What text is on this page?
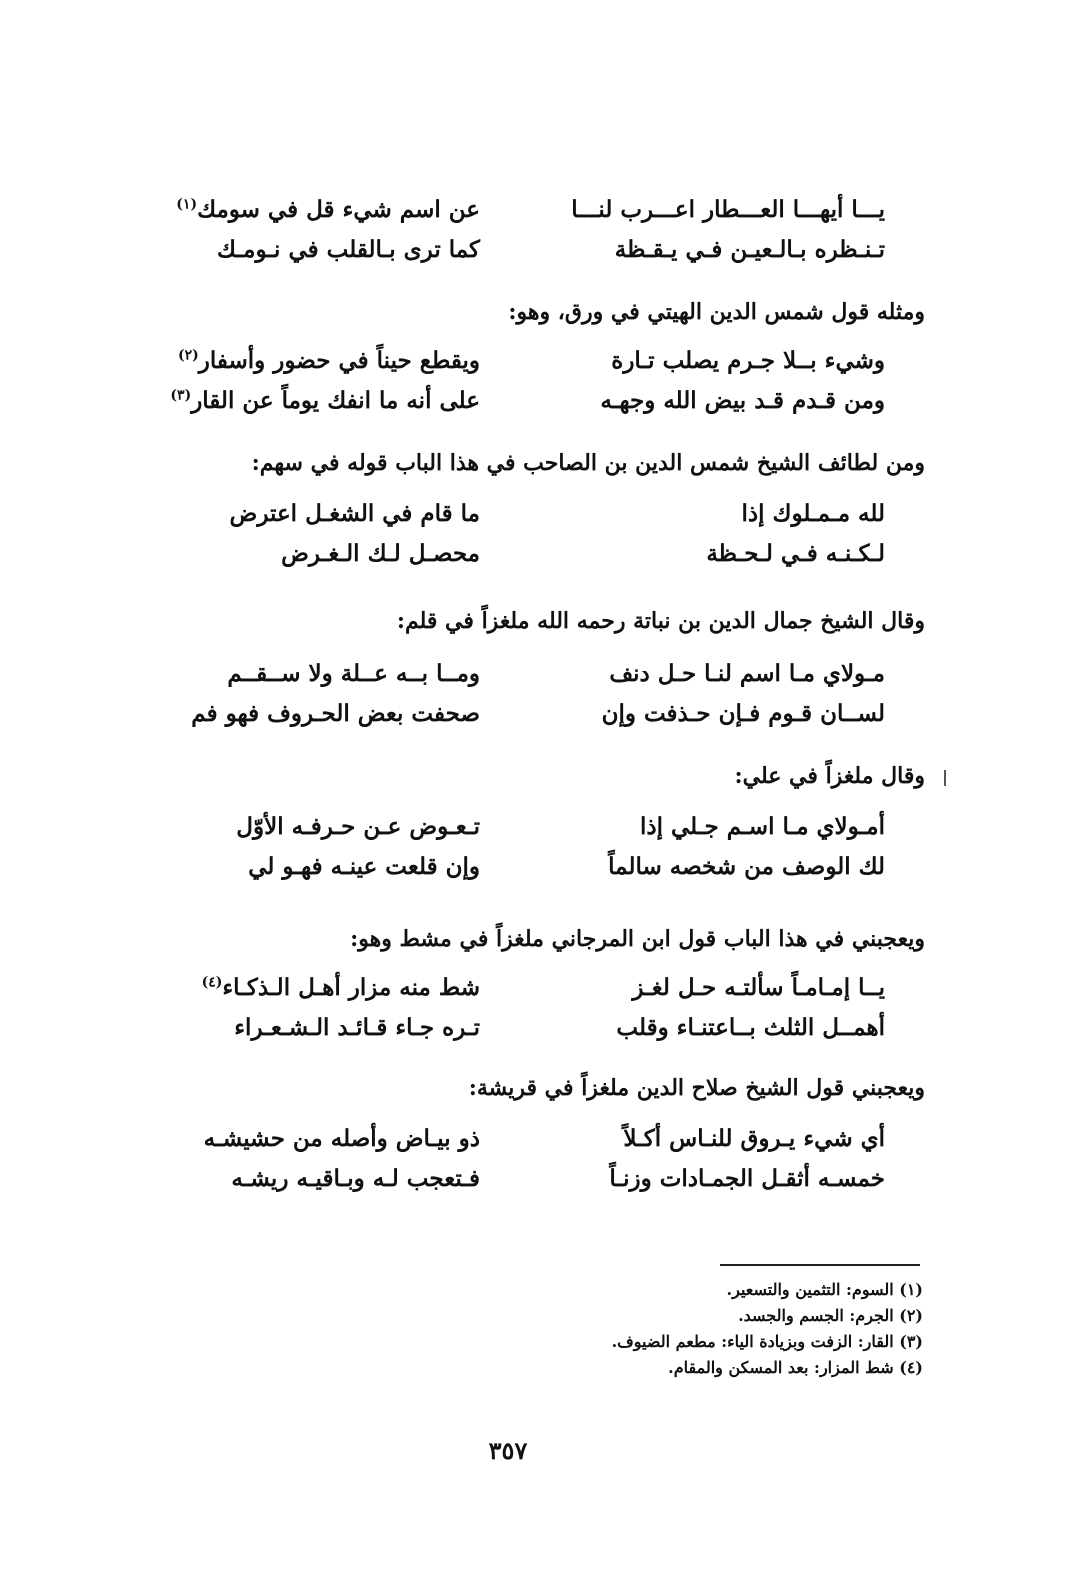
يـــا أيهـــا العـــطار اعـــرب لنـــا
عن اسم شيء قل في سومك$^{(١)}$
تـنـظره بـالـعيـن فـي يـقـظة
كما ترى بـالقلب في نـومـك
ومثله قول شمس الدين الهيتي في ورق، وهو:
وشيء بــلا جـرم يصلب تـارة
ويقطع حيناً في حضور وأسفار$^{(٢)}$
ومن قـدم قـد بيض الله وجهـه
على أنه ما انفك يوماً عن القار$^{(٣)}$
ومن لطائف الشيخ شمس الدين بن الصاحب في هذا الباب قوله في سهم:
لله مـمـلوك إذا
ما قام في الشغـل اعترض
لـكـنـه فـي لـحـظة
محصـل لـك الـغـرض
وقال الشيخ جمال الدين بن نباتة رحمه الله ملغزاً في قلم:
مـولاي مـا اسم لنـا حـل دنف
ومــا بــه عــلة ولا ســقــم
لســان قـوم فـإن حـذفت وإن
صحفت بعض الحـروف فهو فم
وقال ملغزاً في علي:
أمـولاي مـا اسـم جـلي إذا
تـعـوض عـن حـرفـه الأوّل
لك الوصف من شخصه سالماً
وإن قلعت عينـه فهـو لي
ويعجبني في هذا الباب قول ابن المرجاني ملغزاً في مشط وهو:
يــا إمـامـاً سألتـه حـل لغـز
شط منه مزار أهـل الـذكـاء$^{(٤)}$
أهمــل الثلث بــاعتنـاء وقلب
تـره جـاء قـائـد الـشـعـراء
ويعجبني قول الشيخ صلاح الدين ملغزاً في قريشة:
أي شيء يـروق للنـاس أكـلاً
ذو بيـاض وأصله من حشيشـه
خمسـه أثقـل الجمـادات وزنـاً
فـتعجب لـه وبـاقيـه ريشـه
(١) السوم: التثمين والتسعير.
(٢) الجرم: الجسم والجسد.
(٣) القار: الزفت وبزيادة الياء: مطعم الضيوف.
(٤) شط المزار: بعد المسكن والمقام.
٣٥٧
